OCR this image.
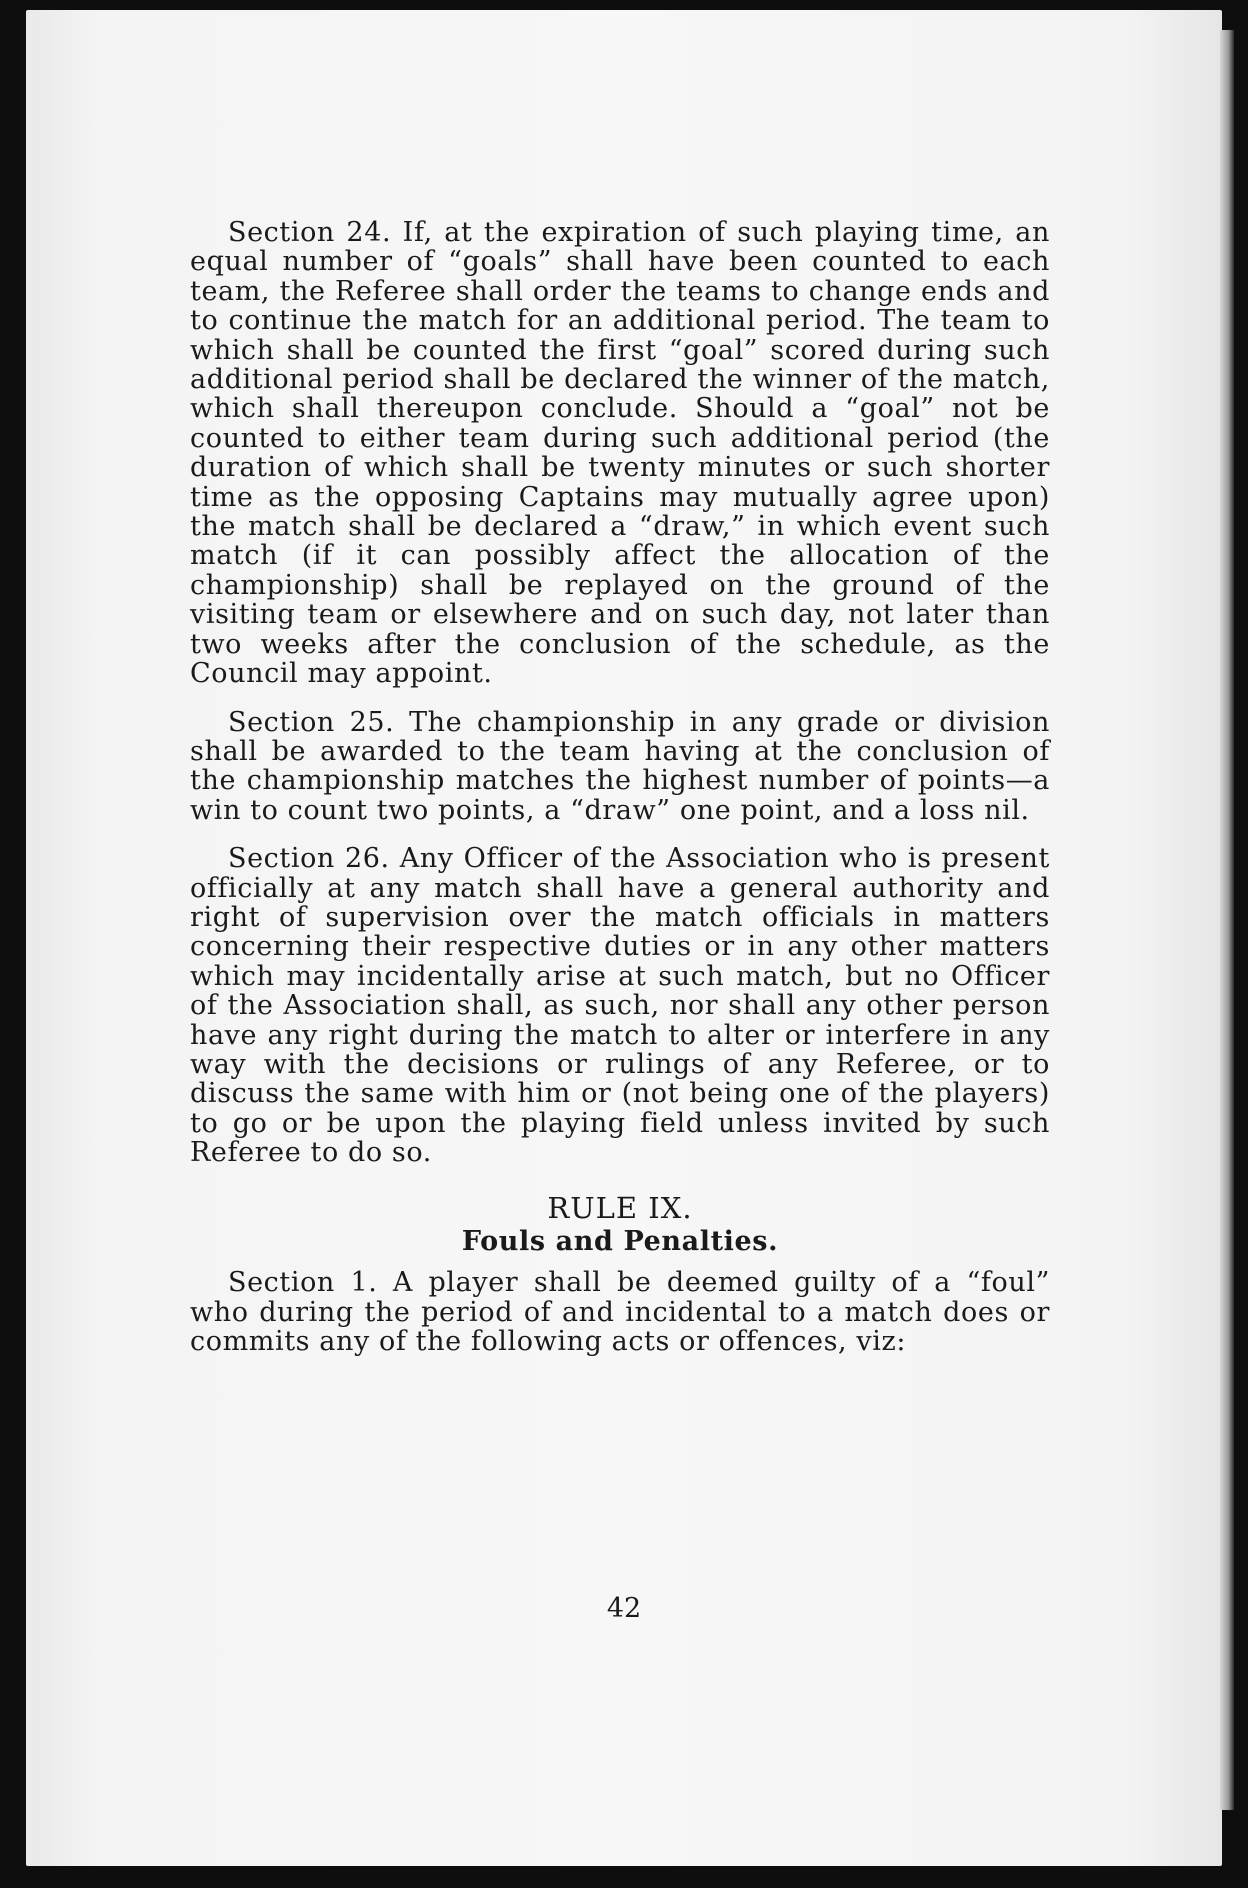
Section 24. If, at the expiration of such playing time, an equal number of “goals” shall have been counted to each team, the Referee shall order the teams to change ends and to continue the match for an additional period. The team to which shall be counted the first “goal” scored during such additional period shall be declared the winner of the match, which shall thereupon conclude. Should a “goal” not be counted to either team during such additional period (the duration of which shall be twenty minutes or such shorter time as the opposing Captains may mutually agree upon) the match shall be declared a “draw,” in which event such match (if it can possibly affect the allocation of the championship) shall be replayed on the ground of the visiting team or elsewhere and on such day, not later than two weeks after the conclusion of the schedule, as the Council may appoint.

Section 25. The championship in any grade or division shall be awarded to the team having at the conclusion of the championship matches the highest number of points—a win to count two points, a “draw” one point, and a loss nil.

Section 26. Any Officer of the Association who is present officially at any match shall have a general authority and right of supervision over the match officials in matters concerning their respective duties or in any other matters which may incidentally arise at such match, but no Officer of the Association shall, as such, nor shall any other person have any right during the match to alter or interfere in any way with the decisions or rulings of any Referee, or to discuss the same with him or (not being one of the players) to go or be upon the playing field unless invited by such Referee to do so.

RULE IX.
Fouls and Penalties.

Section 1. A player shall be deemed guilty of a “foul” who during the period of and incidental to a match does or commits any of the following acts or offences, viz:

42
